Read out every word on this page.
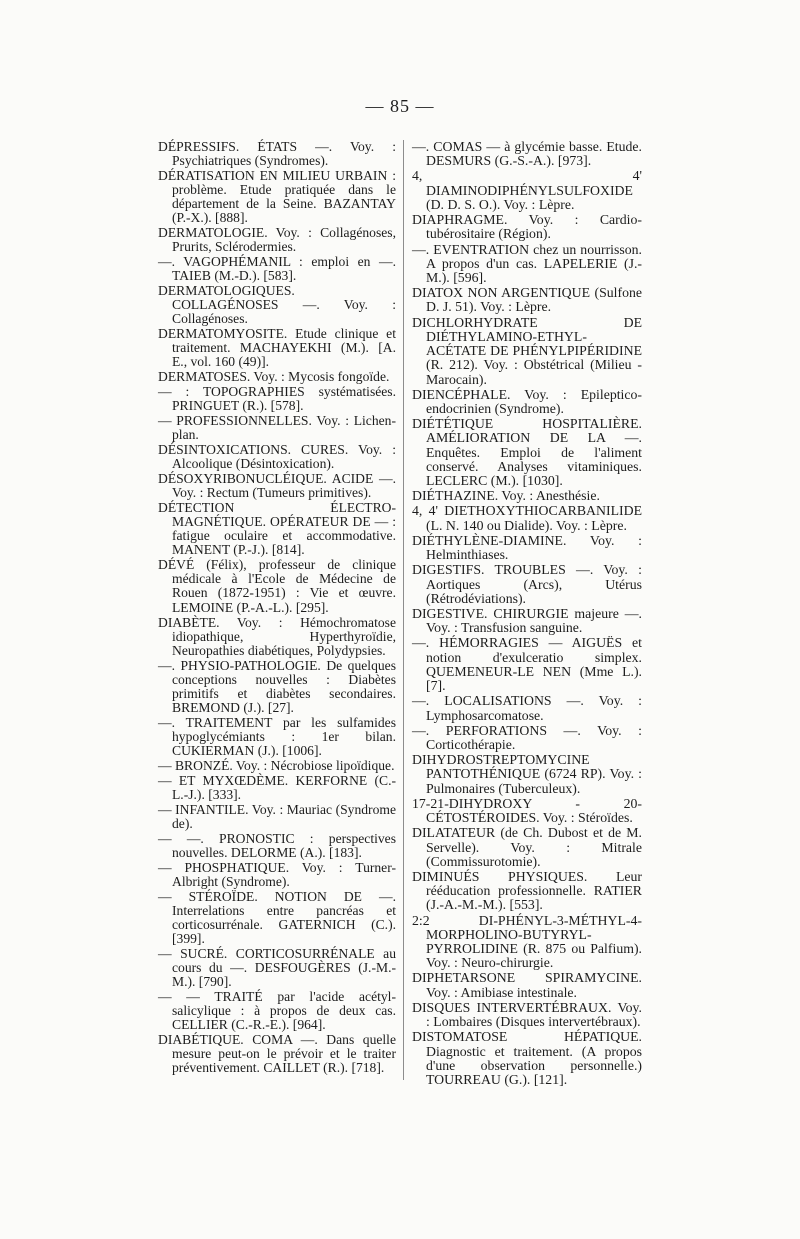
— 85 —

DÉPRESSIFS. ÉTATS —. Voy. : Psychiatriques (Syndromes).

DÉRATISATION EN MILIEU URBAIN : problème. Etude pratiquée dans le département de la Seine. BAZANTAY (P.-X.). [888].

DERMATOLOGIE. Voy. : Collagénoses, Prurits, Sclérodermies.

—. VAGOPHÉMANIL : emploi en —. TAIEB (M.-D.). [583].

DERMATOLOGIQUES. COLLAGÉNOSES —. Voy. : Collagénoses.

DERMATOMYOSITE. Etude clinique et traitement. MACHAYEKHI (M.). [A. E., vol. 160 (49)].

DERMATOSES. Voy. : Mycosis fongoïde.

— : TOPOGRAPHIES systématisées. PRINGUET (R.). [578].

— PROFESSIONNELLES. Voy. : Lichen-plan.

DÉSINTOXICATIONS. CURES. Voy. : Alcoolique (Désintoxication).

DÉSOXYRIBONUCLÉIQUE. ACIDE —. Voy. : Rectum (Tumeurs primitives).

DÉTECTION ÉLECTRO-MAGNÉTIQUE. OPÉRATEUR DE — : fatigue oculaire et accommodative. MANENT (P.-J.). [814].

DÉVÉ (Félix), professeur de clinique médicale à l'Ecole de Médecine de Rouen (1872-1951) : Vie et œuvre. LEMOINE (P.-A.-L.). [295].

DIABÈTE. Voy. : Hémochromatose idiopathique, Hyperthyroïdie, Neuropathies diabétiques, Polydypsies.

—. PHYSIO-PATHOLOGIE. De quelques conceptions nouvelles : Diabètes primitifs et diabètes secondaires. BREMOND (J.). [27].

—. TRAITEMENT par les sulfamides hypoglycémiants : 1er bilan. CUKIERMAN (J.). [1006].

— BRONZÉ. Voy. : Nécrobiose lipoïdique.

— ET MYXŒDÈME. KERFORNE (C.-L.-J.). [333].

— INFANTILE. Voy. : Mauriac (Syndrome de).

— —. PRONOSTIC : perspectives nouvelles. DELORME (A.). [183].

— PHOSPHATIQUE. Voy. : Turner-Albright (Syndrome).

— STÉROÏDE. NOTION DE —. Interrelations entre pancréas et corticosurrénale. GATERNICH (C.). [399].

— SUCRÉ. CORTICOSURRÉNALE au cours du —. DESFOUGÈRES (J.-M.-M.). [790].

— — TRAITÉ par l'acide acétyl-salicylique : à propos de deux cas. CELLIER (C.-R.-E.). [964].

DIABÉTIQUE. COMA —. Dans quelle mesure peut-on le prévoir et le traiter préventivement. CAILLET (R.). [718].

—. COMAS — à glycémie basse. Etude. DESMURS (G.-S.-A.). [973].

4, 4' DIAMINODIPHÉNYLSULFOXIDE (D. D. S. O.). Voy. : Lèpre.

DIAPHRAGME. Voy. : Cardio-tubérositaire (Région).

—. EVENTRATION chez un nourrisson. A propos d'un cas. LAPELERIE (J.-M.). [596].

DIATOX NON ARGENTIQUE (Sulfone D. J. 51). Voy. : Lèpre.

DICHLORHYDRATE DE DIÉTHYLAMINO-ETHYL-ACÉTATE DE PHÉNYLPIPÉRIDINE (R. 212). Voy. : Obstétrical (Milieu - Marocain).

DIENCÉPHALE. Voy. : Epileptico-endocrinien (Syndrome).

DIÉTÉTIQUE HOSPITALIÈRE. AMÉLIORATION DE LA —. Enquêtes. Emploi de l'aliment conservé. Analyses vitaminiques. LECLERC (M.). [1030].

DIÉTHAZINE. Voy. : Anesthésie.

4, 4' DIETHOXYTHIOCARBANILIDE (L. N. 140 ou Dialide). Voy. : Lèpre.

DIÉTHYLÈNE-DIAMINE. Voy. : Helminthiases.

DIGESTIFS. TROUBLES —. Voy. : Aortiques (Arcs), Utérus (Rétrodéviations).

DIGESTIVE. CHIRURGIE majeure —. Voy. : Transfusion sanguine.

—. HÉMORRAGIES — AIGUËS et notion d'exulceratio simplex. QUEMENEUR-LE NEN (Mme L.). [7].

—. LOCALISATIONS —. Voy. : Lymphosarcomatose.

—. PERFORATIONS —. Voy. : Corticothérapie.

DIHYDROSTREPTOMYCINE PANTOTHÉNIQUE (6724 RP). Voy. : Pulmonaires (Tuberculeux).

17-21-DIHYDROXY - 20-CÉTOSTÉROIDES. Voy. : Stéroïdes.

DILATATEUR (de Ch. Dubost et de M. Servelle). Voy. : Mitrale (Commissurotomie).

DIMINUÉS PHYSIQUES. Leur rééducation professionnelle. RATIER (J.-A.-M.-M.). [553].

2:2 DI-PHÉNYL-3-MÉTHYL-4-MORPHOLINO-BUTYRYL-PYRROLIDINE (R. 875 ou Palfium). Voy. : Neuro-chirurgie.

DIPHETARSONE SPIRAMYCINE. Voy. : Amibiase intestinale.

DISQUES INTERVERTÉBRAUX. Voy. : Lombaires (Disques intervertébraux).

DISTOMATOSE HÉPATIQUE. Diagnostic et traitement. (A propos d'une observation personnelle.) TOURREAU (G.). [121].
